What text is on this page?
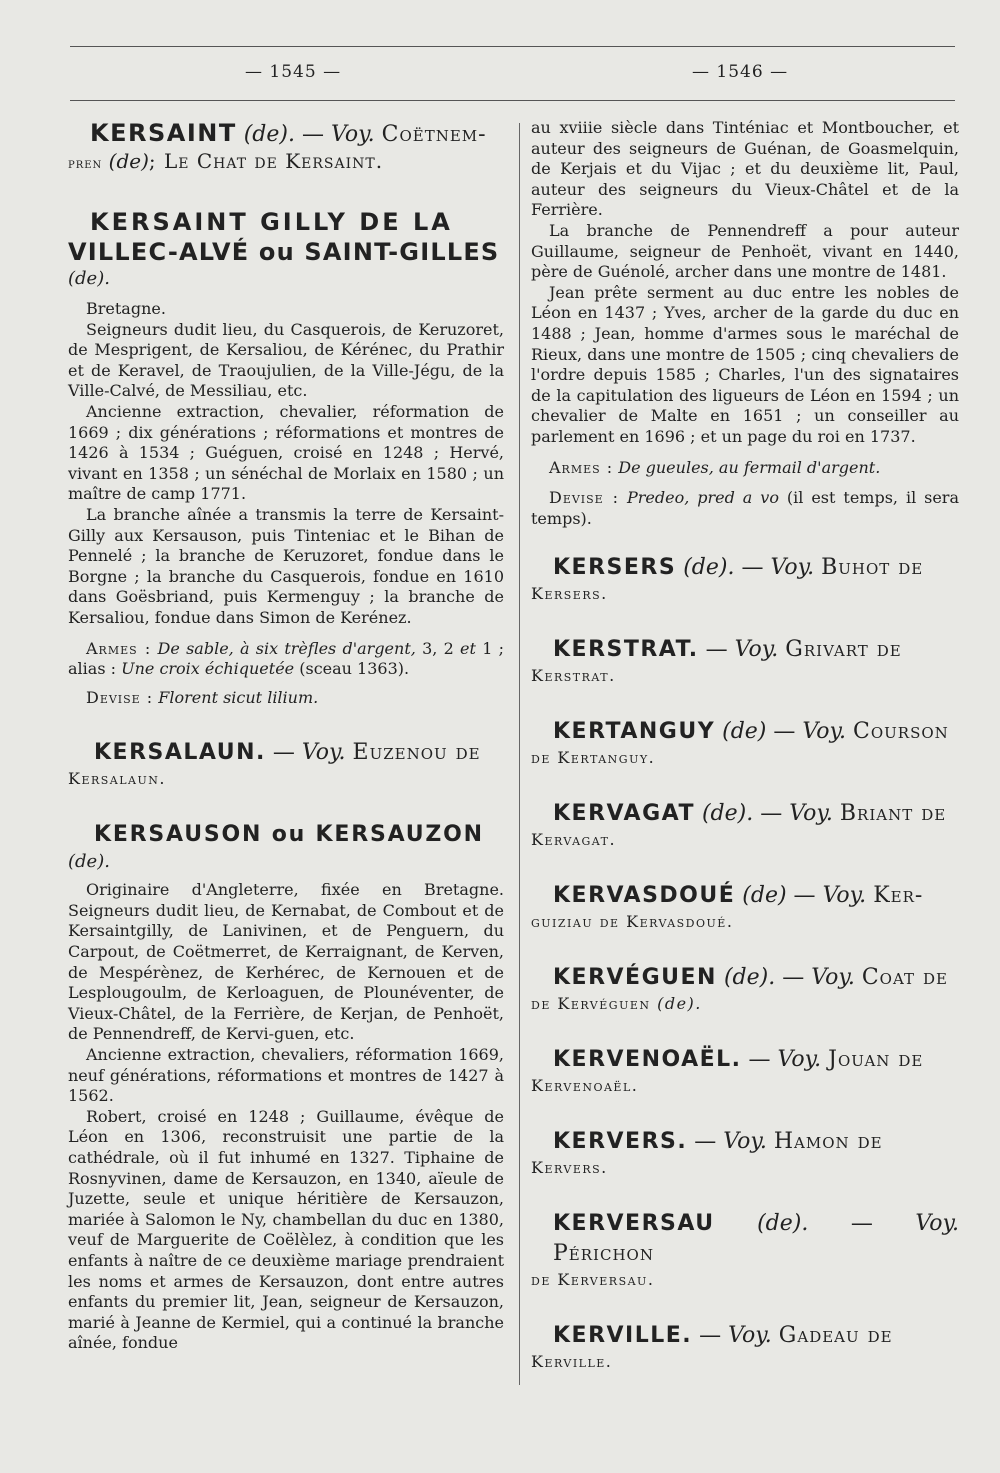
— 1545 —	— 1546 —
KERSAINT (de). — Voy. Coëtnem-
pren (de); Le Chat de Kersaint.
KERSAINT GILLY DE LA
VILLEC-ALVÉ ou SAINT-GILLES
(de).

Bretagne.

Seigneurs dudit lieu, du Casquerois, de Keruzoret, de Mesprigent, de Kersaliou, de Kérénec, du Prathir et de Keravel, de Traoujulien, de la Ville-Jégu, de la Ville-Calvé, de Messiliau, etc.

Ancienne extraction, chevalier, réformation de 1669 ; dix générations ; réformations et montres de 1426 à 1534 ; Guéguen, croisé en 1248 ; Hervé, vivant en 1358 ; un sénéchal de Morlaix en 1580 ; un maître de camp 1771.

La branche aînée a transmis la terre de Kersaint-Gilly aux Kersauson, puis Tinteniac et le Bihan de Pennelé ; la branche de Keruzoret, fondue dans le Borgne ; la branche du Casquerois, fondue en 1610 dans Goësbriand, puis Kermenguy ; la branche de Kersaliou, fondue dans Simon de Kerénez.

Armes : De sable, à six trèfles d'argent, 3, 2 et 1 ; alias : Une croix échiquetée (sceau 1363).

Devise : Florent sicut lilium.

KERSALAUN. — Voy. Euzenou de
Kersalaun.
KERSAUSON ou KERSAUZON
(de).

Originaire d'Angleterre, fixée en Bretagne. Seigneurs dudit lieu, de Kernabat, de Combout et de Kersaintgilly, de Lanivinen, et de Penguern, du Carpout, de Coëtmerret, de Kerraignant, de Kerven, de Mespérènez, de Kerhérec, de Kernouen et de Lesplougoulm, de Kerloaguen, de Plounéventer, de Vieux-Châtel, de la Ferrière, de Kerjan, de Penhoët, de Pennendreff, de Kervi-guen, etc.

Ancienne extraction, chevaliers, réformation 1669, neuf générations, réformations et montres de 1427 à 1562.

Robert, croisé en 1248 ; Guillaume, évêque de Léon en 1306, reconstruisit une partie de la cathédrale, où il fut inhumé en 1327. Tiphaine de Rosnyvinen, dame de Kersauzon, en 1340, aïeule de Juzette, seule et unique héritière de Kersauzon, mariée à Salomon le Ny, chambellan du duc en 1380, veuf de Marguerite de Coëlèlez, à condition que les enfants à naître de ce deuxième mariage prendraient les noms et armes de Kersauzon, dont entre autres enfants du premier lit, Jean, seigneur de Kersauzon, marié à Jeanne de Kermiel, qui a continué la branche aînée, fondue

au xviiie siècle dans Tinténiac et Montboucher, et auteur des seigneurs de Guénan, de Goasmelquin, de Kerjais et du Vijac ; et du deuxième lit, Paul, auteur des seigneurs du Vieux-Châtel et de la Ferrière.

La branche de Pennendreff a pour auteur Guillaume, seigneur de Penhoët, vivant en 1440, père de Guénolé, archer dans une montre de 1481.

Jean prête serment au duc entre les nobles de Léon en 1437 ; Yves, archer de la garde du duc en 1488 ; Jean, homme d'armes sous le maréchal de Rieux, dans une montre de 1505 ; cinq chevaliers de l'ordre depuis 1585 ; Charles, l'un des signataires de la capitulation des ligueurs de Léon en 1594 ; un chevalier de Malte en 1651 ; un conseiller au parlement en 1696 ; et un page du roi en 1737.

Armes : De gueules, au fermail d'argent.

Devise : Predeo, pred a vo (il est temps, il sera temps).

KERSERS (de). — Voy. Buhot de
Kersers.
KERSTRAT. — Voy. Grivart de
Kerstrat.
KERTANGUY (de) — Voy. Courson
de Kertanguy.
KERVAGAT (de). — Voy. Briant de
Kervagat.
KERVASDOUÉ (de) — Voy. Ker-
guiziau de Kervasdoué.
KERVÉGUEN (de). — Voy. Coat de
de Kervéguen (de).
KERVENOAËL. — Voy. Jouan de
Kervenoaël.
KERVERS. — Voy. Hamon de
Kervers.
KERVERSAU (de). — Voy. Périchon
de Kerversau.
KERVILLE. — Voy. Gadeau de
Kerville.
